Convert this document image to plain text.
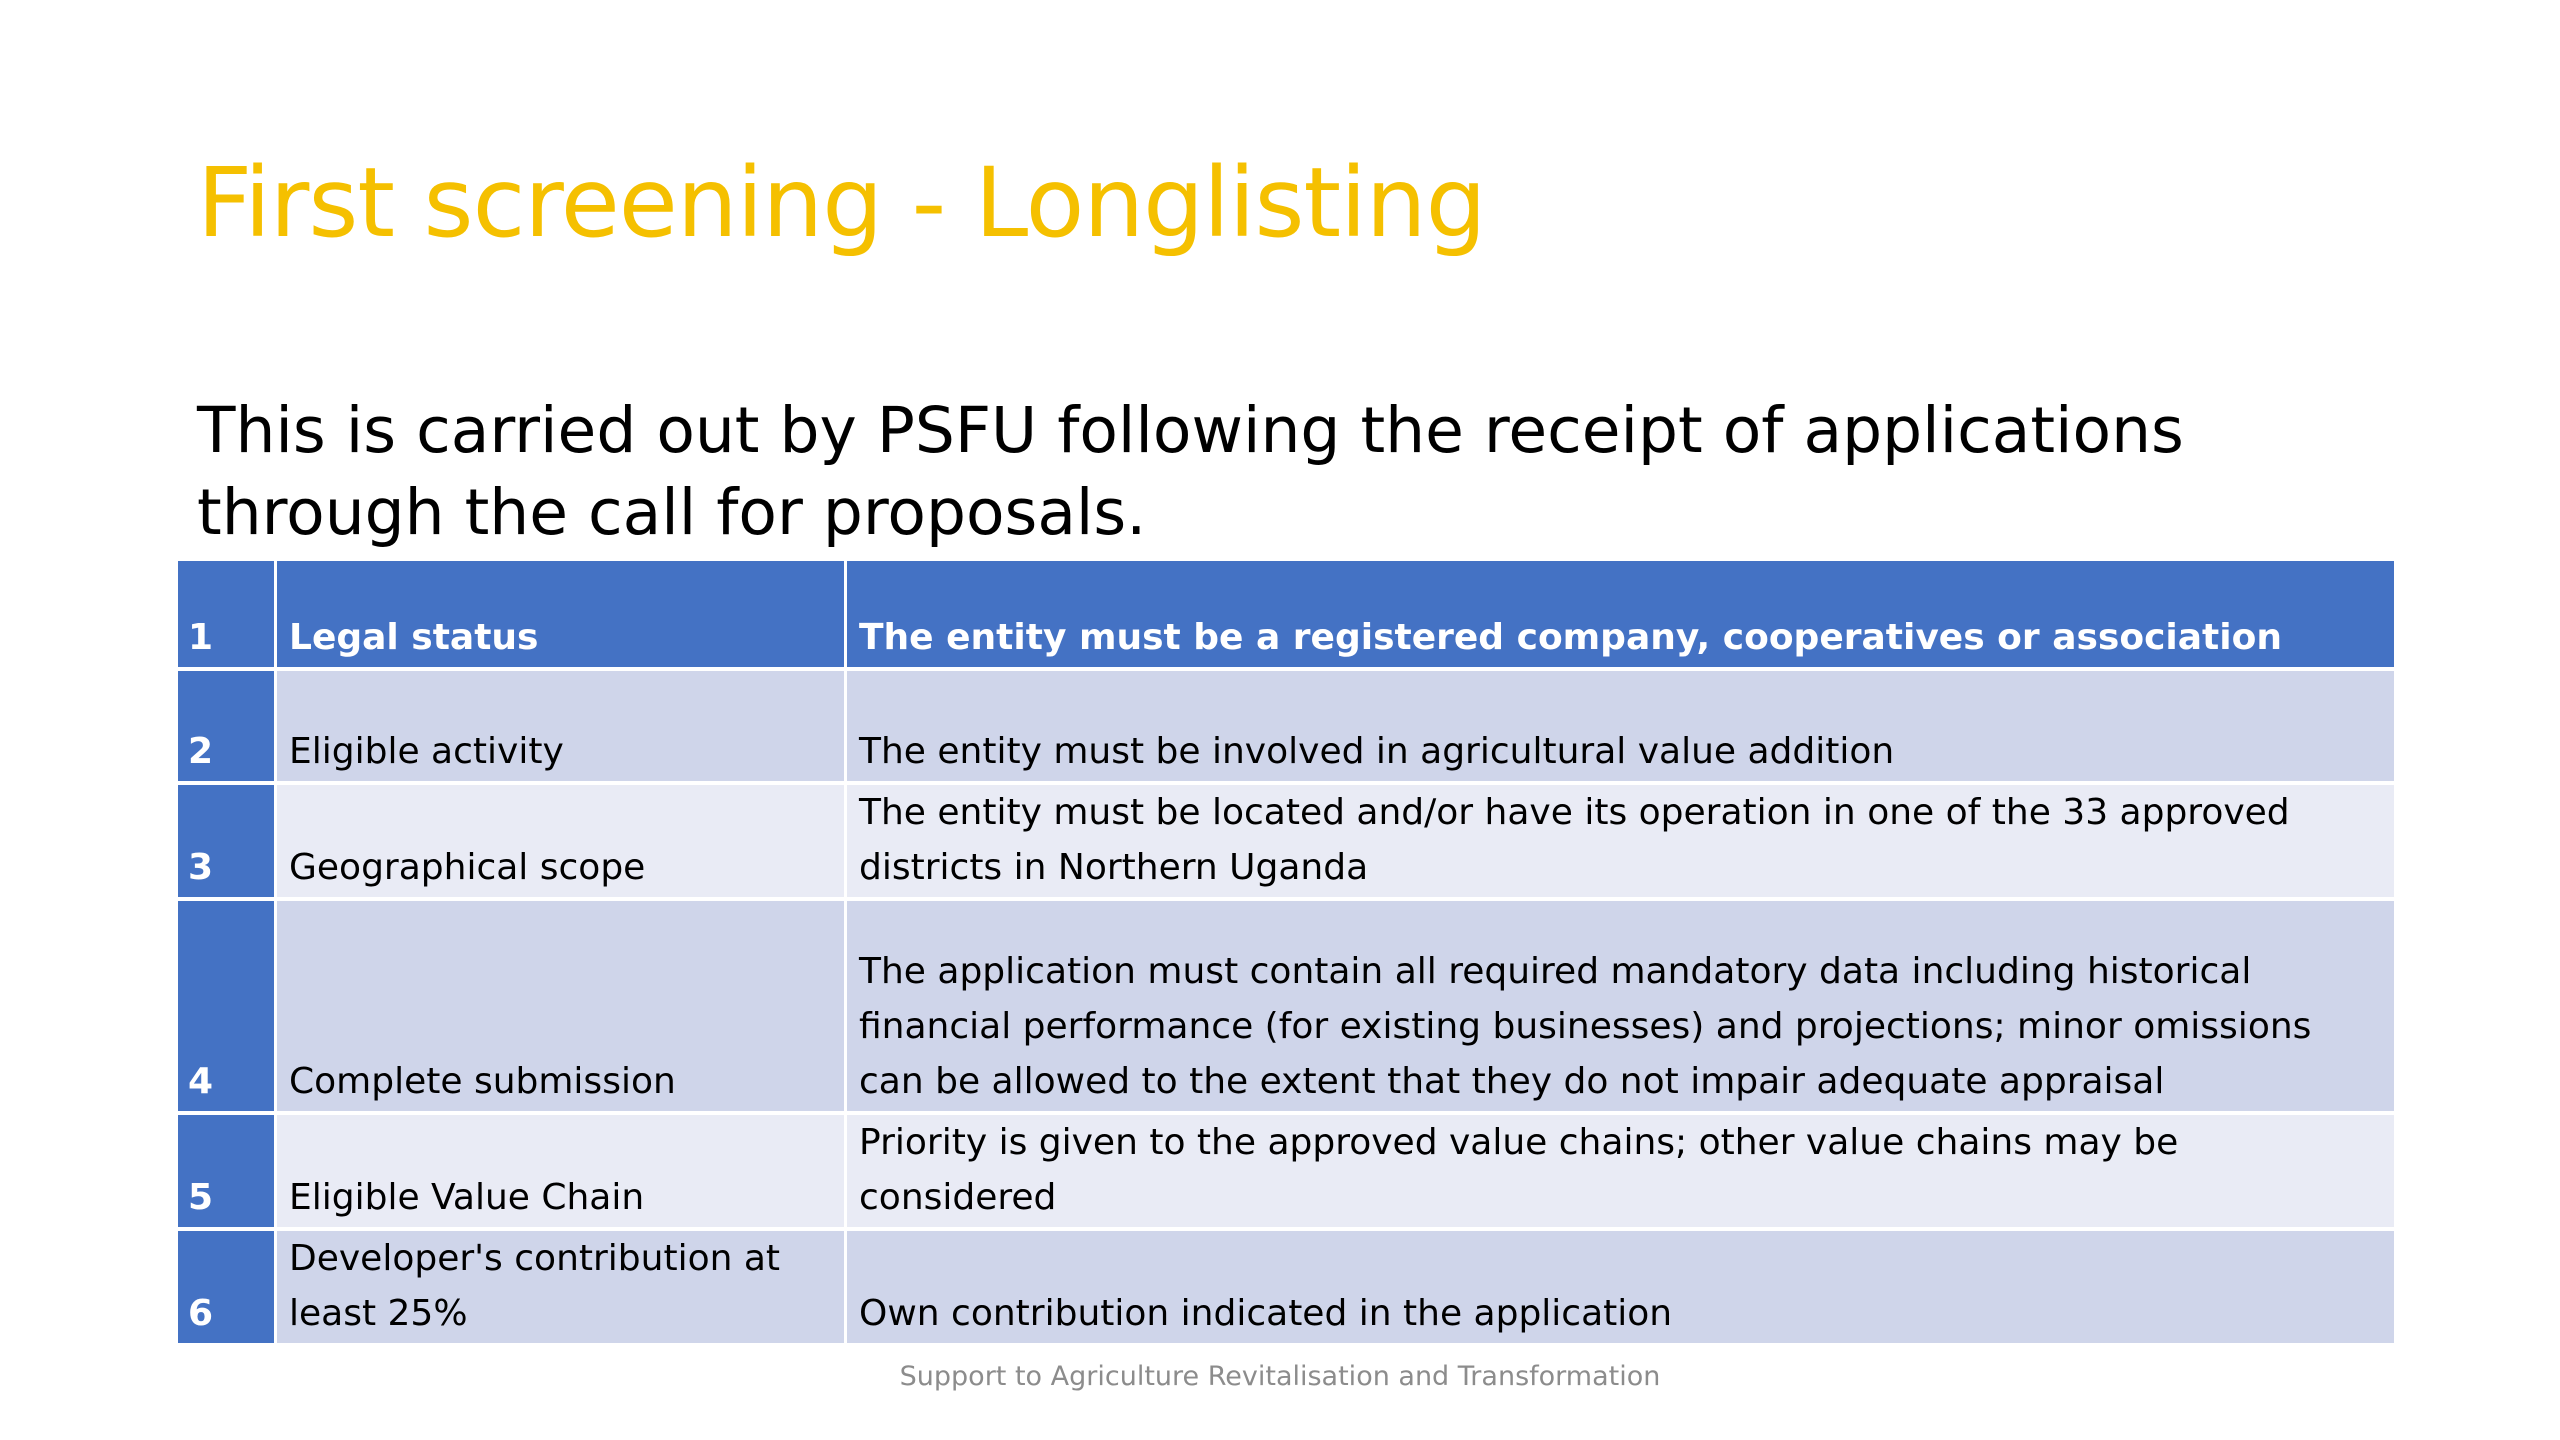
First screening - Longlisting

This is carried out by PSFU following the receipt of applications through the call for proposals.

1	Legal status	The entity must be a registered company, cooperatives or association
2	Eligible activity	The entity must be involved in agricultural value addition
3	Geographical scope	The entity must be located and/or have its operation in one of the 33 approved districts in Northern Uganda
4	Complete submission	The application must contain all required mandatory data including historical financial performance (for existing businesses) and projections; minor omissions can be allowed to the extent that they do not impair adequate appraisal
5	Eligible Value Chain	Priority is given to the approved value chains; other value chains may be considered
6	Developer's contribution at least 25%	Own contribution indicated in the application
Support to Agriculture Revitalisation and Transformation
